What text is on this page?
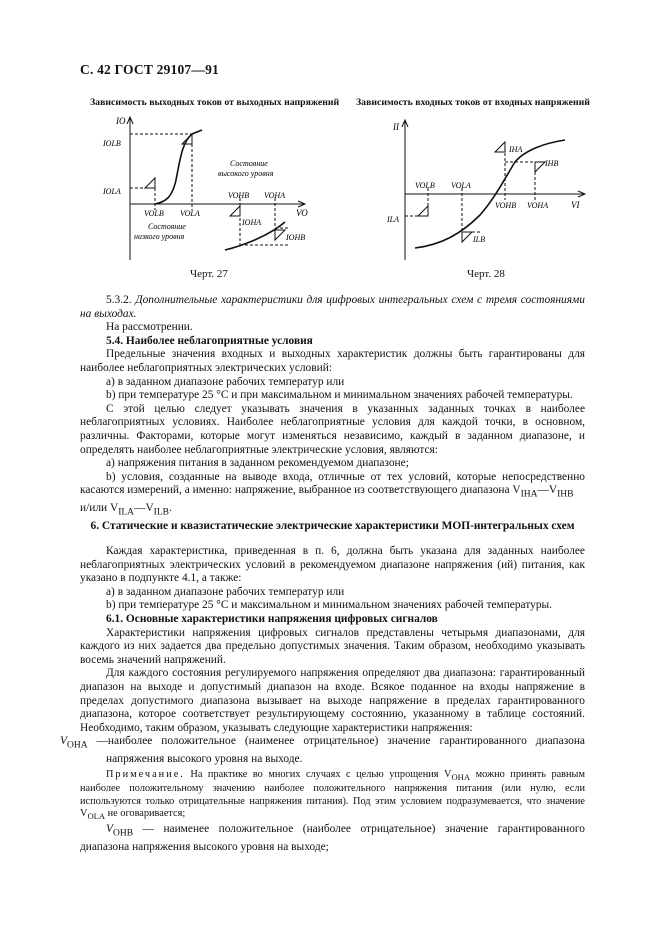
С. 42 ГОСТ 29107—91
Зависимость выходных токов от выходных напряжений
IO
IOLB
IOLA
VOLB VOLA
VOHB VOHA
VO
IOHA
IOHB
Состояние
высокого уровня
Состояние
низкого уровня
Черт. 27
Зависимость входных токов от входных напряжений
II
IHA
IHB
VOLB VOLA
VOHB VOHA	VI
ILA
ILB
Черт. 28

5.3.2. Дополнительные характеристики для цифровых интегральных схем с тремя состояниями на выходах.

На рассмотрении.

5.4. Наиболее неблагоприятные условия

Предельные значения входных и выходных характеристик должны быть гарантированы для наиболее неблагоприятных электрических условий:

а) в заданном диапазоне рабочих температур или

b) при температуре 25 °С и при максимальном и минимальном значениях рабочей температуры.

С этой целью следует указывать значения в указанных заданных точках в наиболее неблагоприятных условиях. Наиболее неблагоприятные условия для каждой точки, в основном, различны. Факторами, которые могут изменяться независимо, каждый в заданном диапазоне, и определять наиболее неблагоприятные электрические условия, являются:

а) напряжения питания в заданном рекомендуемом диапазоне;

b) условия, созданные на выводе входа, отличные от тех условий, которые непосредственно касаются измерений, а именно: напряжение, выбранное из соответствующего диапазона $V_{IHA}—V_{IHB}$
и/или $V_{ILA}—V_{ILB}$.

6. Статические и квазистатические электрические характеристики МОП-интегральных схем

Каждая характеристика, приведенная в п. 6, должна быть указана для заданных наиболее неблагоприятных электрических условий в рекомендуемом диапазоне напряжения (ий) питания, как указано в подпункте 4.1, а также:

а) в заданном диапазоне рабочих температур или

b) при температуре 25 °С и максимальном и минимальном значениях рабочей температуры.

6.1. Основные характеристики напряжения цифровых сигналов

Характеристики напряжения цифровых сигналов представлены четырьмя диапазонами, для каждого из них задается два предельно допустимых значения. Таким образом, необходимо указывать восемь значений напряжений.

Для каждого состояния регулируемого напряжения определяют два диапазона: гарантированный диапазон на выходе и допустимый диапазон на входе. Всякое поданное на входы напряжение в пределах допустимого диапазона вызывает на выходе напряжение в пределах гарантированного диапазона, которое соответствует результирующему состоянию, указанному в таблице состояний. Необходимо, таким образом, указывать следующие характеристики напряжения:

$V_{OHA}$ —наиболее положительное (наименее отрицательное) значение гарантированного диапазона напряжения высокого уровня на выходе.

Примечание. На практике во многих случаях с целью упрощения $V_{OHA}$ можно принять равным наиболее положительному значению наиболее положительного напряжения питания (или нулю, если используются только отрицательные напряжения питания). Под этим условием подразумевается, что значение $V_{OLA}$ не оговаривается;

$V_{OHB}$ — наименее положительное (наиболее отрицательное) значение гарантированного диапазона напряжения высокого уровня на выходе;
